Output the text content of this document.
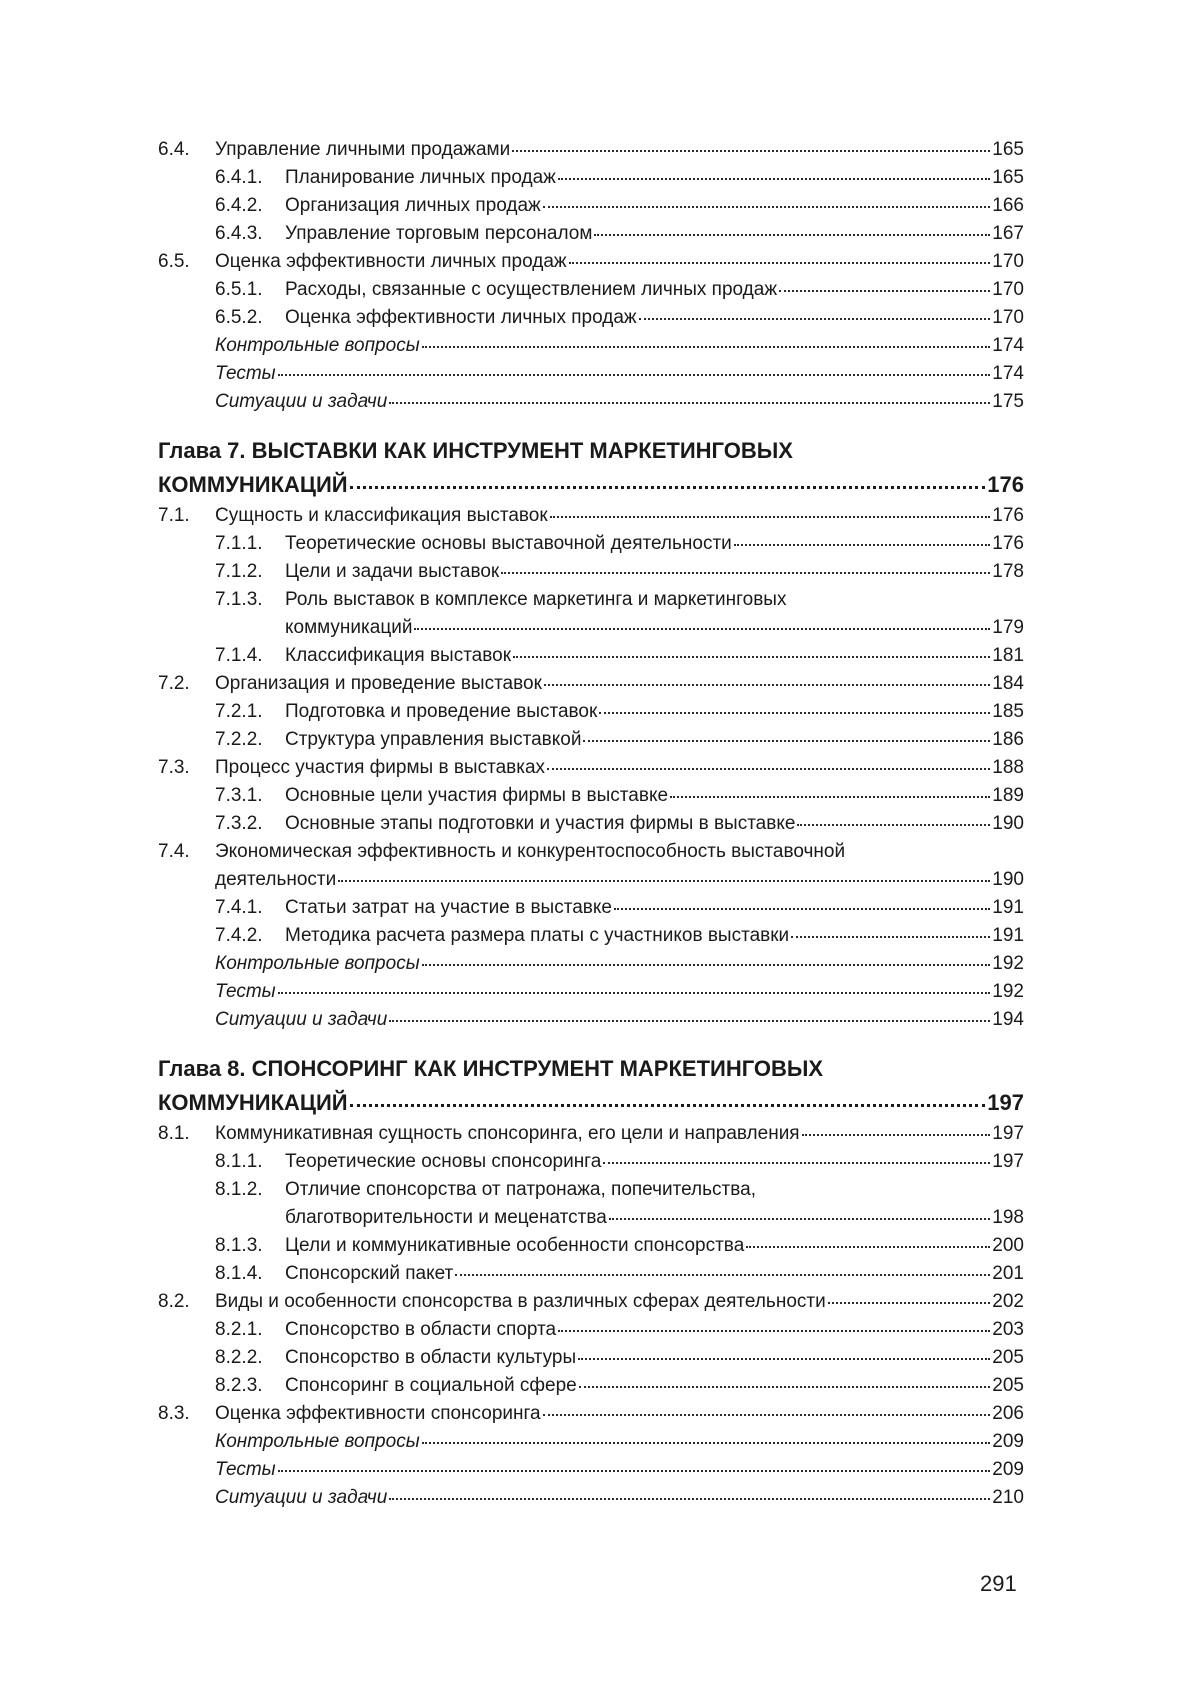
6.4.	Управление личными продажами	165
6.4.1.	Планирование личных продаж	165
6.4.2.	Организация личных продаж	166
6.4.3.	Управление торговым персоналом	167
6.5.	Оценка эффективности личных продаж	170
6.5.1.	Расходы, связанные с осуществлением личных продаж	170
6.5.2.	Оценка эффективности личных продаж	170
Контрольные вопросы	174
Тесты	174
Ситуации и задачи	175
Глава 7. ВЫСТАВКИ КАК ИНСТРУМЕНТ МАРКЕТИНГОВЫХ
КОММУНИКАЦИЙ	176
7.1.	Сущность и классификация выставок	176
7.1.1.	Теоретические основы выставочной деятельности	176
7.1.2.	Цели и задачи выставок	178
7.1.3.	Роль выставок в комплексе маркетинга и маркетинговых
коммуникаций	179
7.1.4.	Классификация выставок	181
7.2.	Организация и проведение выставок	184
7.2.1.	Подготовка и проведение выставок	185
7.2.2.	Структура управления выставкой	186
7.3.	Процесс участия фирмы в выставках	188
7.3.1.	Основные цели участия фирмы в выставке	189
7.3.2.	Основные этапы подготовки и участия фирмы в выставке	190
7.4.	Экономическая эффективность и конкурентоспособность выставочной
деятельности	190
7.4.1.	Статьи затрат на участие в выставке	191
7.4.2.	Методика расчета размера платы с участников выставки	191
Контрольные вопросы	192
Тесты	192
Ситуации и задачи	194
Глава 8. СПОНСОРИНГ КАК ИНСТРУМЕНТ МАРКЕТИНГОВЫХ
КОММУНИКАЦИЙ	197
8.1.	Коммуникативная сущность спонсоринга, его цели и направления	197
8.1.1.	Теоретические основы спонсоринга	197
8.1.2.	Отличие спонсорства от патронажа, попечительства,
благотворительности и меценатства	198
8.1.3.	Цели и коммуникативные особенности спонсорства	200
8.1.4.	Спонсорский пакет	201
8.2.	Виды и особенности спонсорства в различных сферах деятельности	202
8.2.1.	Спонсорство в области спорта	203
8.2.2.	Спонсорство в области культуры	205
8.2.3.	Спонсоринг в социальной сфере	205
8.3.	Оценка эффективности спонсоринга	206
Контрольные вопросы	209
Тесты	209
Ситуации и задачи	210
291
